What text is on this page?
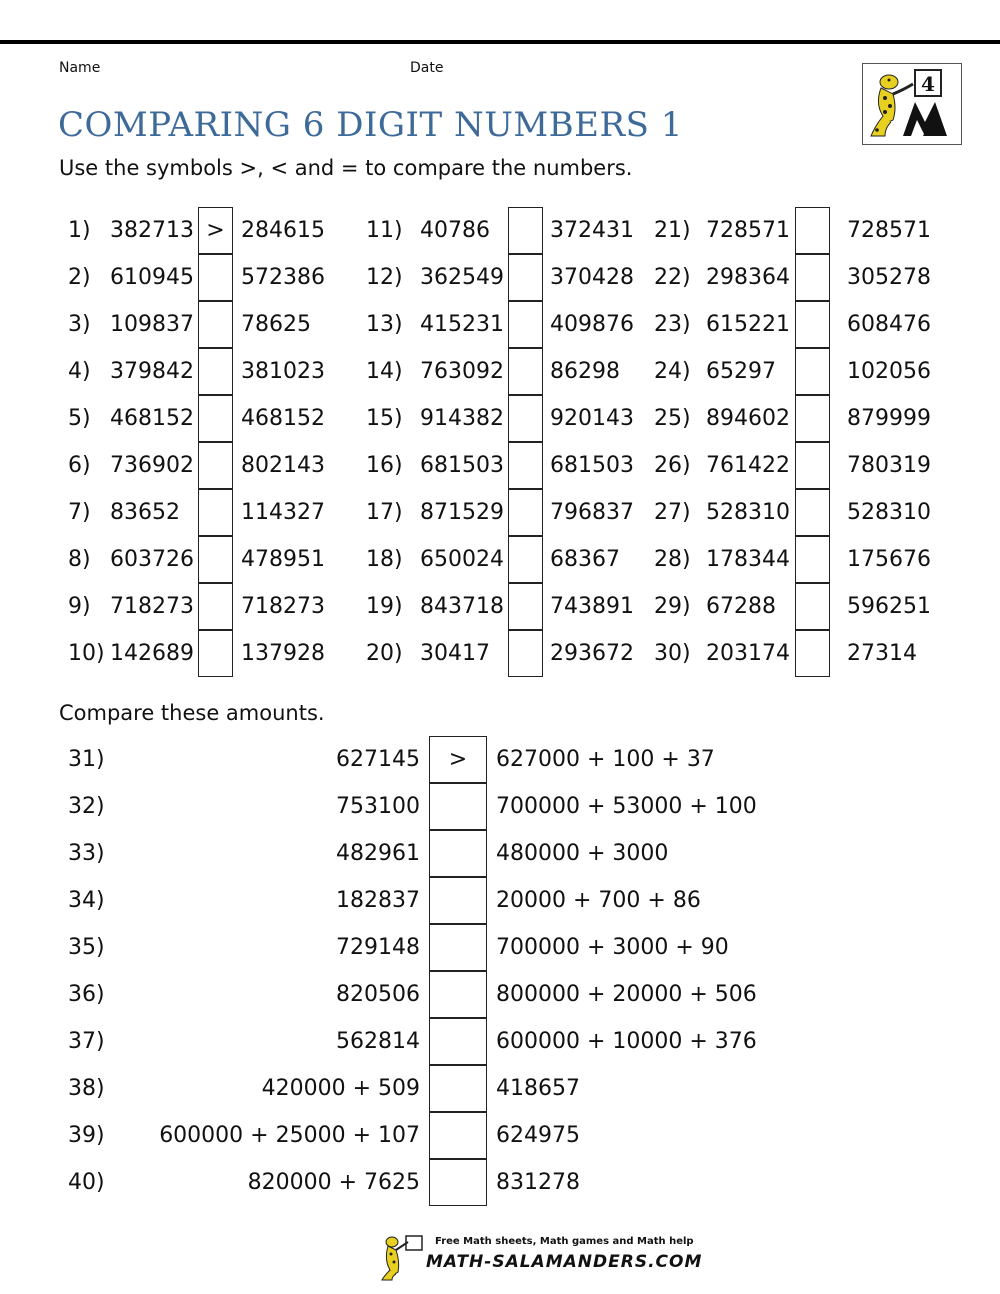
Name	Date
COMPARING 6 DIGIT NUMBERS 1
Use the symbols >, < and = to compare the numbers.
4
1) 382713 > 284615
2) 610945 572386
3) 109837 78625
4) 379842 381023
5) 468152 468152
6) 736902 802143
7) 83652	114327
8) 603726 478951
9) 718273 718273
10) 142689 137928
11) 40786	372431
12) 362549 370428
13) 415231 409876
14) 763092 86298
15) 914382 920143
16) 681503 681503
17) 871529 796837
18) 650024 68367
19) 843718 743891
20) 30417	293672
21) 728571	728571
22) 298364	305278
23) 615221	608476
24) 65297	102056
25) 894602	879999
26) 761422	780319
27) 528310	528310
28) 178344	175676
29) 67288	596251
30) 203174	27314
Compare these amounts.
31)	627145	>	627000 + 100 + 37
32)	753100	700000 + 53000 + 100
33)	482961	480000 + 3000
34)	182837	20000 + 700 + 86
35)	729148	700000 + 3000 + 90
36)	820506	800000 + 20000 + 506
37)	562814	600000 + 10000 + 376
38)	420000 + 509	418657
39)	600000 + 25000 + 107	624975
40)	820000 + 7625	831278
Free Math sheets, Math games and Math help
MATH-SALAMANDERS.COM
